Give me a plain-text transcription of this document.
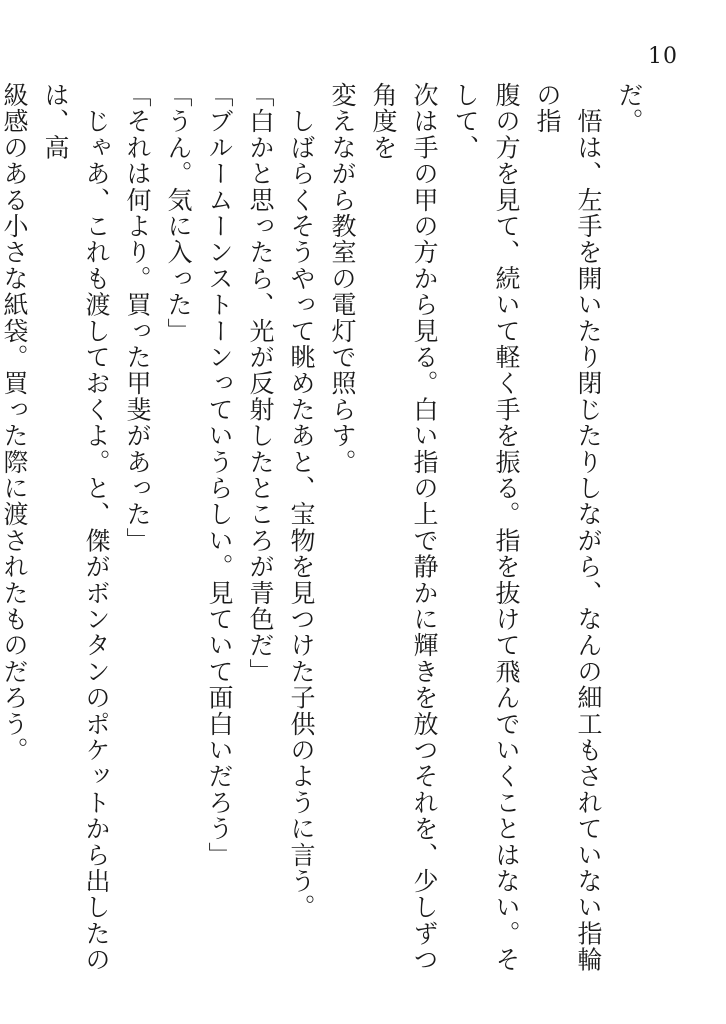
10

だ。

　悟は、左手を開いたり閉じたりしながら、なんの細工もされていない指輪の指

腹の方を見て、続いて軽く手を振る。指を抜けて飛んでいくことはない。そして、

次は手の甲の方から見る。白い指の上で静かに輝きを放つそれを、少しずつ角度を

変えながら教室の電灯で照らす。

　しばらくそうやって眺めたあと、宝物を見つけた子供のように言う。

「白かと思ったら、光が反射したところが青色だ」

「ブルームーンストーンっていうらしい。見ていて面白いだろう」

「うん。気に入った」

「それは何より。買った甲斐があった」

　じゃあ、これも渡しておくよ。と、傑がボンタンのポケットから出したのは、高

級感のある小さな紙袋。買った際に渡されたものだろう。
